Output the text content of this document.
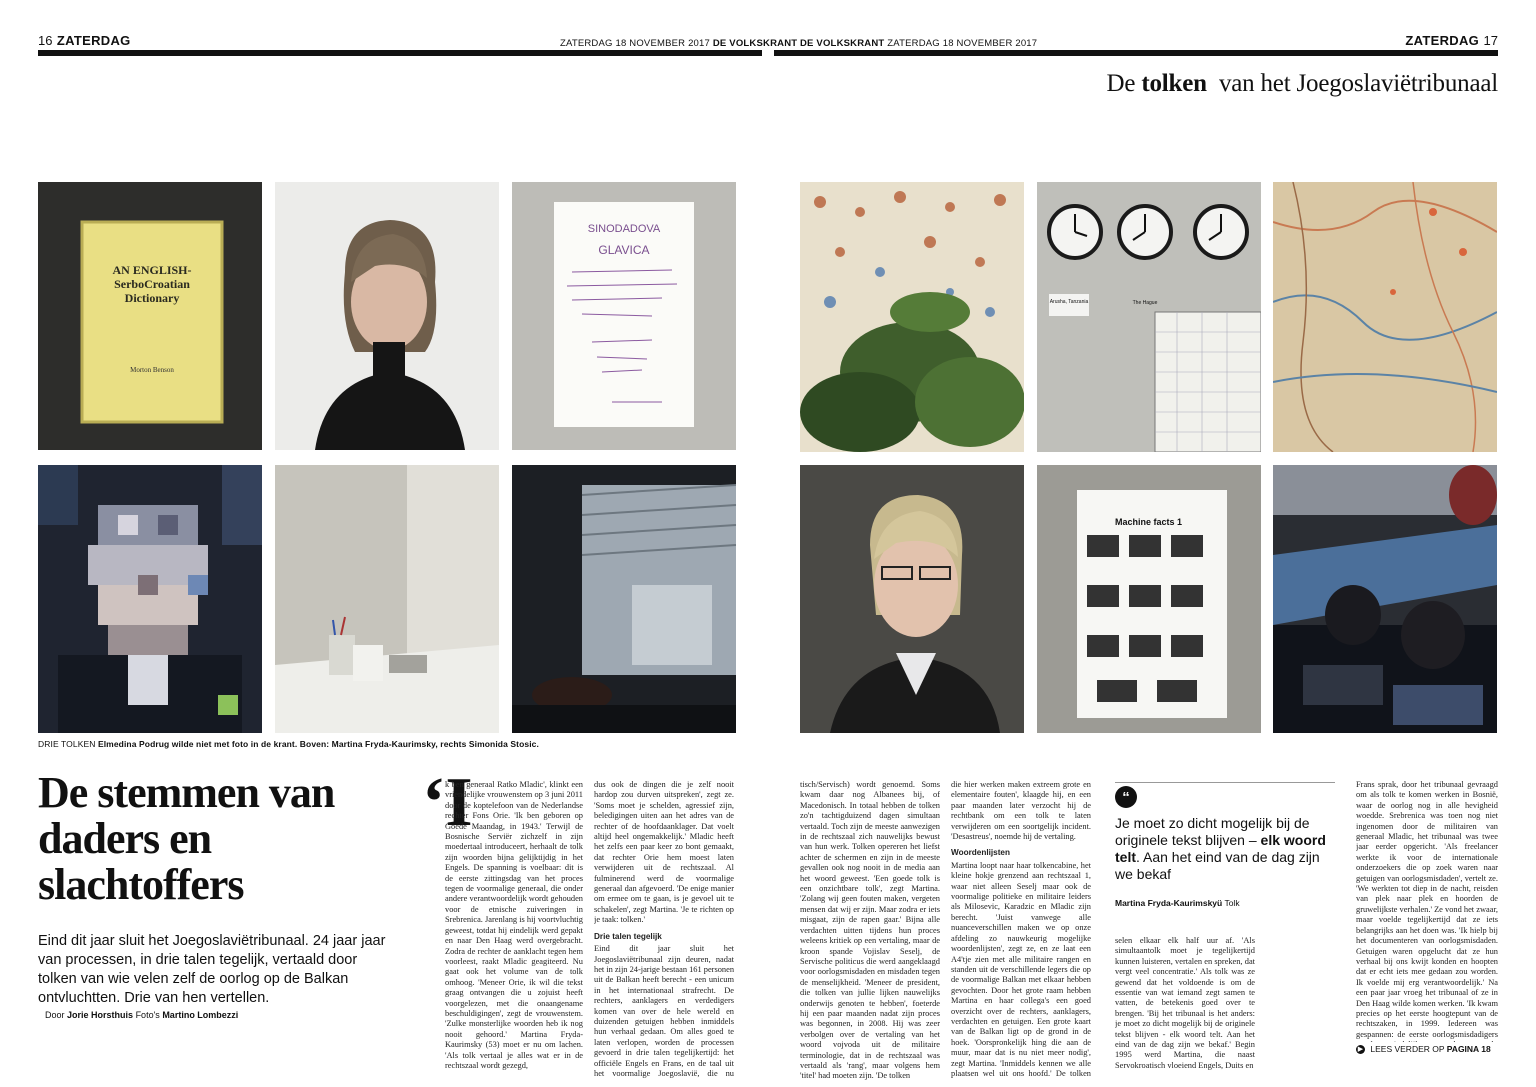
16 ZATERDAG	ZATERDAG 18 NOVEMBER 2017 DE VOLKSKRANT DE VOLKSKRANT ZATERDAG 18 NOVEMBER 2017	ZATERDAG 17
De tolken van het Joegoslaviëtribunaal
AN ENGLISH-
SerboCroatian
Dictionary
Morton Benson
SINODADOVA
GLAVICA
Arusha, Tanzania	The Hague
Machine facts 1
DRIE TOLKEN Elmedina Podrug wilde niet met foto in de krant. Boven: Martina Fryda-Kaurimsky, rechts Simonida Stosic.
De stemmen van daders en slachtoffers

Eind dit jaar sluit het Joegoslaviëtribunaal. 24 jaar jaar van processen, in drie talen tegelijk, vertaald door tolken van wie velen zelf de oorlog op de Balkan ontvluchtten. Drie van hen vertellen.

Door Jorie Horsthuis Foto's Martino Lombezzi
‘I
k ben generaal Ratko Mladic', klinkt een vriendelijke vrouwenstem op 3 juni 2011 door de koptelefoon van de Nederlandse rechter Fons Orie. 'Ik ben geboren op Goede Maandag, in 1943.' Terwijl de Bosnische Serviër zichzelf in zijn moedertaal introduceert, herhaalt de tolk zijn woorden bijna gelijktijdig in het Engels. De spanning is voelbaar: dit is de eerste zittingsdag van het proces tegen de voormalige generaal, die onder andere verantwoordelijk wordt gehouden voor de etnische zuiveringen in Srebrenica. Jarenlang is hij voortvluchtig geweest, totdat hij eindelijk werd gepakt en naar Den Haag werd overgebracht. Zodra de rechter de aanklacht tegen hem voorleest, raakt Mladic geagiteerd. Nu gaat ook het volume van de tolk omhoog. 'Meneer Orie, ik wil die tekst graag ontvangen die u zojuist heeft voorgelezen, met die onaangename beschuldigingen', zegt de vrouwenstem. 'Zulke monsterlijke woorden heb ik nog nooit gehoord.' Martina Fryda-Kaurimsky (53) moet er nu om lachen. 'Als tolk vertaal je alles wat er in de rechtszaal wordt gezegd,
dus ook de dingen die je zelf nooit hardop zou durven uitspreken', zegt ze. 'Soms moet je schelden, agressief zijn, beledigingen uiten aan het adres van de rechter of de hoofdaanklager. Dat voelt altijd heel ongemakkelijk.' Mladic heeft het zelfs een paar keer zo bont gemaakt, dat rechter Orie hem moest laten verwijderen uit de rechtszaal. Al fulminerend werd de voormalige generaal dan afgevoerd. 'De enige manier om ermee om te gaan, is je gevoel uit te schakelen', zegt Martina. 'Je te richten op je taak: tolken.'
Drie talen tegelijk
Eind dit jaar sluit het Joegoslaviëtribunaal zijn deuren, nadat het in zijn 24-jarige bestaan 161 personen uit de Balkan heeft berecht - een unicum in het internationaal strafrecht. De rechters, aanklagers en verdedigers komen van over de hele wereld en duizenden getuigen hebben inmiddels hun verhaal gedaan. Om alles goed te laten verlopen, worden de processen gevoerd in drie talen tegelijkertijd: het officiële Engels en Frans, en de taal uit het voormalige Joegoslavië, die nu
tisch/Servisch) wordt genoemd. Soms kwam daar nog Albanees bij, of Macedonisch. In totaal hebben de tolken zo'n tachtigduizend dagen simultaan vertaald. Toch zijn de meeste aanwezigen in de rechtszaal zich nauwelijks bewust van hun werk. Tolken opereren het liefst achter de schermen en zijn in de meeste gevallen ook nog nooit in de media aan het woord geweest. 'Een goede tolk is een onzichtbare tolk', zegt Martina. 'Zolang wij geen fouten maken, vergeten mensen dat wij er zijn. Maar zodra er iets misgaat, zijn de rapen gaar.' Bijna alle verdachten uitten tijdens hun proces weleens kritiek op een vertaling, maar de kroon spande Vojislav Seselj, de Servische politicus die werd aangeklaagd voor oorlogsmisdaden en misdaden tegen de menselijkheid. 'Meneer de president, die tolken van jullie lijken nauwelijks onderwijs genoten te hebben', foeterde hij een paar maanden nadat zijn proces was begonnen, in 2008. Hij was zeer verbolgen over de vertaling van het woord vojvoda uit de militaire terminologie, dat in de rechtszaal was vertaald als 'rang', maar volgens hem 'titel' had moeten zijn. 'De tolken
die hier werken maken extreem grote en elementaire fouten', klaagde hij, en een paar maanden later verzocht hij de rechtbank om een tolk te laten verwijderen om een soortgelijk incident. 'Desastreus', noemde hij de vertaling.
Woordenlijsten
Martina loopt naar haar tolkencabine, het kleine hokje grenzend aan rechtszaal 1, waar niet alleen Seselj maar ook de voormalige politieke en militaire leiders als Milosevic, Karadzic en Mladic zijn berecht. 'Juist vanwege alle nuanceverschillen maken we op onze afdeling zo nauwkeurig mogelijke woordenlijsten', zegt ze, en ze laat een A4'tje zien met alle militaire rangen en standen uit de verschillende legers die op de voormalige Balkan met elkaar hebben gevochten. Door het grote raam hebben Martina en haar collega's een goed overzicht over de rechters, aanklagers, verdachten en getuigen. Een grote kaart van de Balkan ligt op de grond in de hoek. 'Oorspronkelijk hing die aan de muur, maar dat is nu niet meer nodig', zegt Martina. 'Inmiddels kennen we alle plaatsen wel uit ons hoofd.' De tolken
“

Je moet zo dicht mogelijk bij de originele tekst blijven – elk woord telt. Aan het eind van de dag zijn we bekaf

Martina Fryda-Kaurimskyü Tolk
selen elkaar elk half uur af. 'Als simultaantolk moet je tegelijkertijd kunnen luisteren, vertalen en spreken, dat vergt veel concentratie.' Als tolk was ze gewend dat het voldoende is om de essentie van wat iemand zegt samen te vatten, de betekenis goed over te brengen. 'Bij het tribunaal is het anders: je moet zo dicht mogelijk bij de originele tekst blijven - elk woord telt. Aan het eind van de dag zijn we bekaf.' Begin 1995 werd Martina, die naast Servokroatisch vloeiend Engels, Duits en
Frans sprak, door het tribunaal gevraagd om als tolk te komen werken in Bosnië, waar de oorlog nog in alle hevigheid woedde. Srebrenica was toen nog niet ingenomen door de militairen van generaal Mladic, het tribunaal was twee jaar eerder opgericht. 'Als freelancer werkte ik voor de internationale onderzoekers die op zoek waren naar getuigen van oorlogsmisdaden', vertelt ze. 'We werkten tot diep in de nacht, reisden van plek naar plek en hoorden de gruwelijkste verhalen.' Ze vond het zwaar, maar voelde tegelijkertijd dat ze iets belangrijks aan het doen was. 'Ik hielp bij het documenteren van oorlogsmisdaden. Getuigen waren opgelucht dat ze hun verhaal bij ons kwijt konden en hoopten dat er echt iets mee gedaan zou worden. Ik voelde mij erg verantwoordelijk.' Na een paar jaar vroeg het tribunaal of ze in Den Haag wilde komen werken. 'Ik kwam precies op het eerste hoogtepunt van de rechtszaken, in 1999. Iedereen was gespannen: de eerste oorlogsmisdadigers
▶ LEES VERDER OP PAGINA 18
